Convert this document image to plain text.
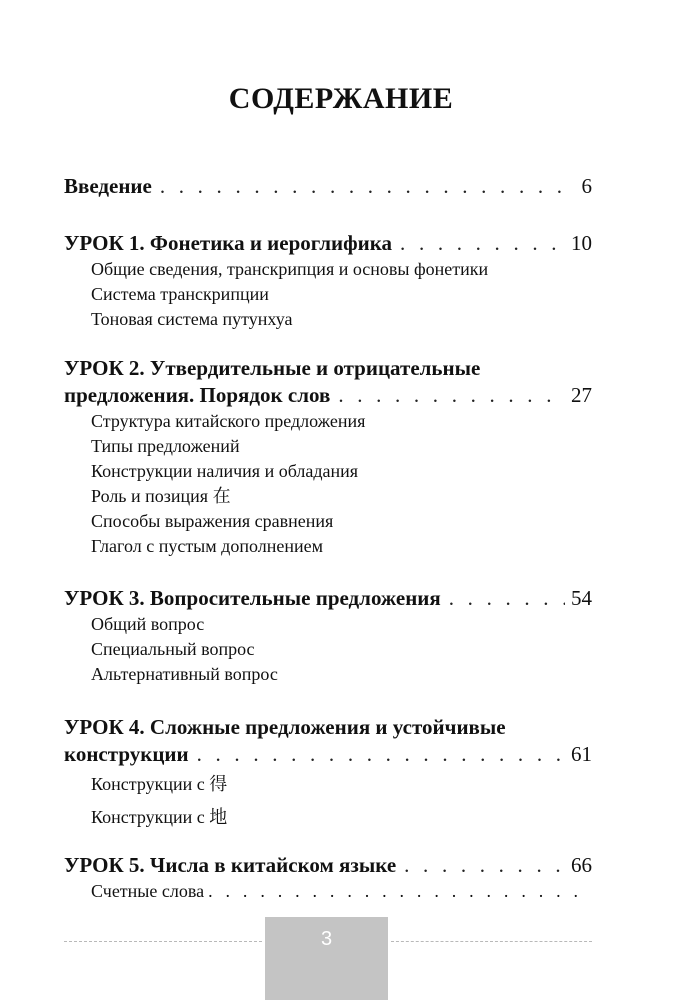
СОДЕРЖАНИЕ
Введение . . .	6
УРОК 1. Фонетика и иероглифика . . .	10
Общие сведения, транскрипция и основы фонетики
Система транскрипции
Тоновая система путунхуа
УРОК 2. Утвердительные и отрицательные
предложения. Порядок слов . . .	27
Структура китайского предложения
Типы предложений
Конструкции наличия и обладания
Роль и позиция 在
Способы выражения сравнения
Глагол с пустым дополнением
УРОК 3. Вопросительные предложения . . .	54
Общий вопрос
Специальный вопрос
Альтернативный вопрос
УРОК 4. Сложные предложения и устойчивые
конструкции . . .	61
Конструкции с 得
Конструкции с 地
УРОК 5. Числа в китайском языке . . .	66
Счетные слова
. . .
3
